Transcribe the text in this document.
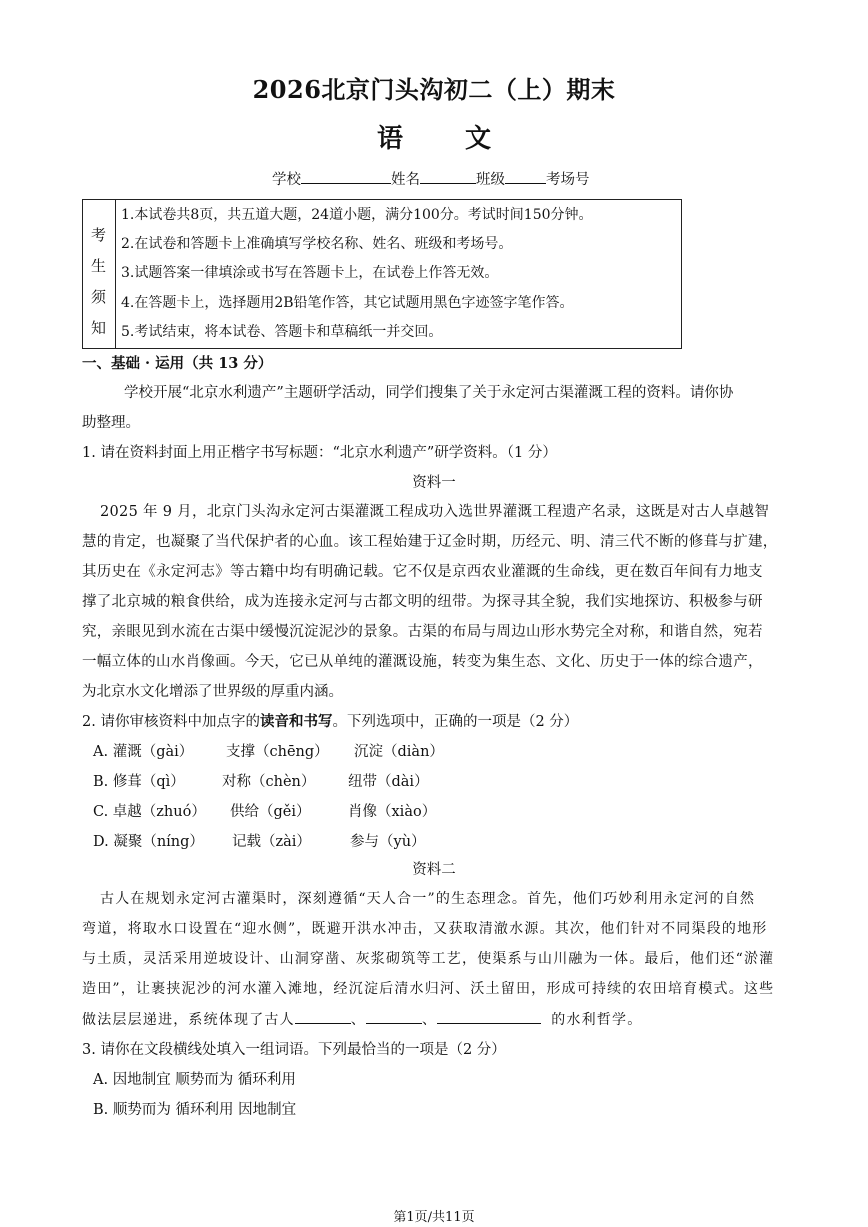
2026北京门头沟初二（上）期末
语 文
学校	姓名	班级	考场号
考
生
须
知
1.本试卷共8页，共五道大题，24道小题，满分100分。考试时间150分钟。
2.在试卷和答题卡上准确填写学校名称、姓名、班级和考场号。
3.试题答案一律填涂或书写在答题卡上，在试卷上作答无效。
4.在答题卡上，选择题用2B铅笔作答，其它试题用黑色字迹签字笔作答。
5.考试结束，将本试卷、答题卡和草稿纸一并交回。
一、基础 · 运用（共 13 分）
学校开展“北京水利遗产”主题研学活动，同学们搜集了关于永定河古渠灌溉工程的资料。请你协
助整理。
1. 请在资料封面上用正楷字书写标题：“北京水利遗产”研学资料。（1 分）
资料一
2025 年 9 月，北京门头沟永定河古渠灌溉工程成功入选世界灌溉工程遗产名录，这既是对古人卓越智
慧的肯定，也凝聚了当代保护者的心血。该工程始建于辽金时期，历经元、明、清三代不断的修葺与扩建，
其历史在《永定河志》等古籍中均有明确记载。它不仅是京西农业灌溉的生命线，更在数百年间有力地支
撑了北京城的粮食供给，成为连接永定河与古都文明的纽带。为探寻其全貌，我们实地探访、积极参与研
究，亲眼见到水流在古渠中缓慢沉淀泥沙的景象。古渠的布局与周边山形水势完全对称，和谐自然，宛若
一幅立体的山水肖像画。今天，它已从单纯的灌溉设施，转变为集生态、文化、历史于一体的综合遗产，
为北京水文化增添了世界级的厚重内涵。
2. 请你审核资料中加点字的读音和书写。下列选项中，正确的一项是（2 分）
A. 灌溉（gài） 支撑（chēng） 沉淀（diàn）
B. 修葺（qì）	对称（chèn） 纽带（dài）
C. 卓越（zhuó） 供给（gěi）	肖像（xiào）
D. 凝聚（níng） 记载（zài）	参与（yù）
资料二
古人在规划永定河古灌渠时，深刻遵循“天人合一”的生态理念。首先，他们巧妙利用永定河的自然
弯道，将取水口设置在“迎水侧”，既避开洪水冲击，又获取清澈水源。其次，他们针对不同渠段的地形
与土质，灵活采用逆坡设计、山洞穿凿、灰浆砌筑等工艺，使渠系与山川融为一体。最后，他们还“淤灌
造田”，让裹挟泥沙的河水灌入滩地，经沉淀后清水归河、沃土留田，形成可持续的农田培育模式。这些
做法层层递进，系统体现了古人	、	、	的水利哲学。
3. 请你在文段横线处填入一组词语。下列最恰当的一项是（2 分）
A. 因地制宜 顺势而为 循环利用
B. 顺势而为 循环利用 因地制宜
第1页/共11页
